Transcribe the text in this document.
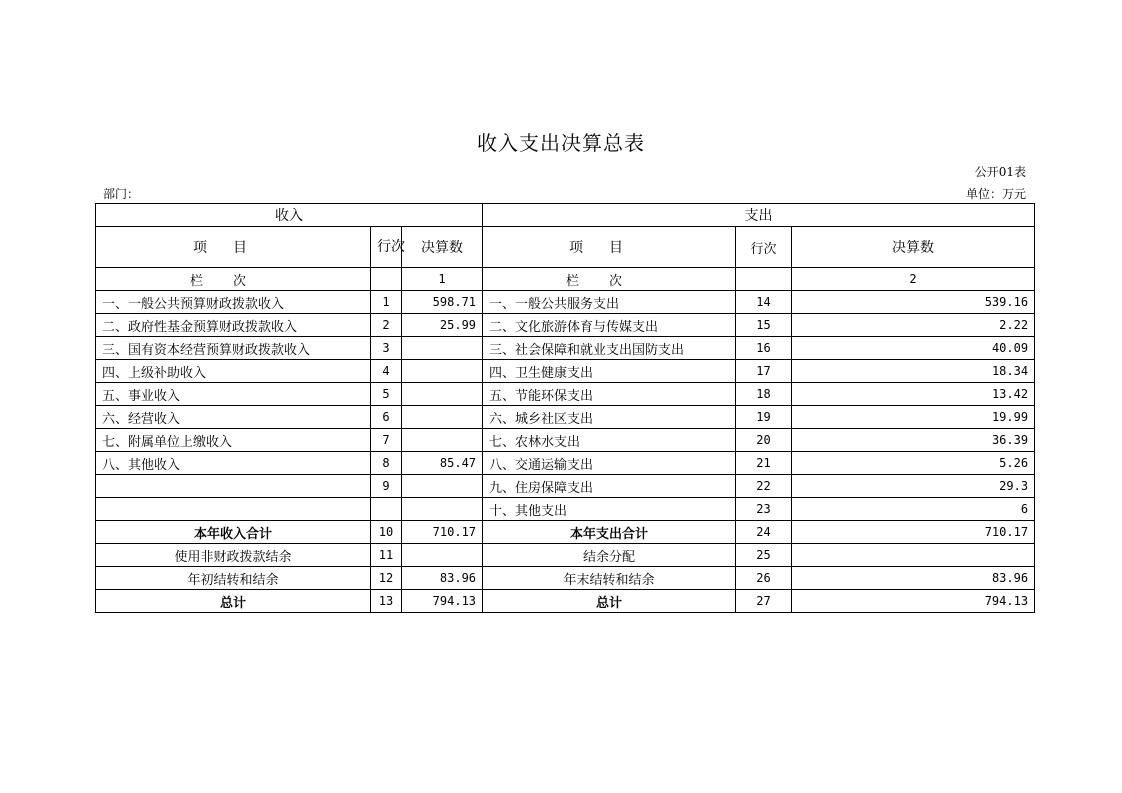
收入支出决算总表
公开01表
部门：	单位：万元
收入			支出		
项目	行次	决算数	项目	行次	决算数
栏次		1	栏次		2
一、一般公共预算财政拨款收入	1	598.71	一、一般公共服务支出	14	539.16
二、政府性基金预算财政拨款收入	2	25.99	二、文化旅游体育与传媒支出	15	2.22
三、国有资本经营预算财政拨款收入	3		三、社会保障和就业支出国防支出	16	40.09
四、上级补助收入	4		四、卫生健康支出	17	18.34
五、事业收入	5		五、节能环保支出	18	13.42
六、经营收入	6		六、城乡社区支出	19	19.99
七、附属单位上缴收入	7		七、农林水支出	20	36.39
八、其他收入	8	85.47	八、交通运输支出	21	5.26
	9		九、住房保障支出	22	29.3
			十、其他支出	23	6
本年收入合计	10	710.17	本年支出合计	24	710.17
使用非财政拨款结余	11		结余分配	25	
年初结转和结余	12	83.96	年末结转和结余	26	83.96
总计	13	794.13	总计	27	794.13
